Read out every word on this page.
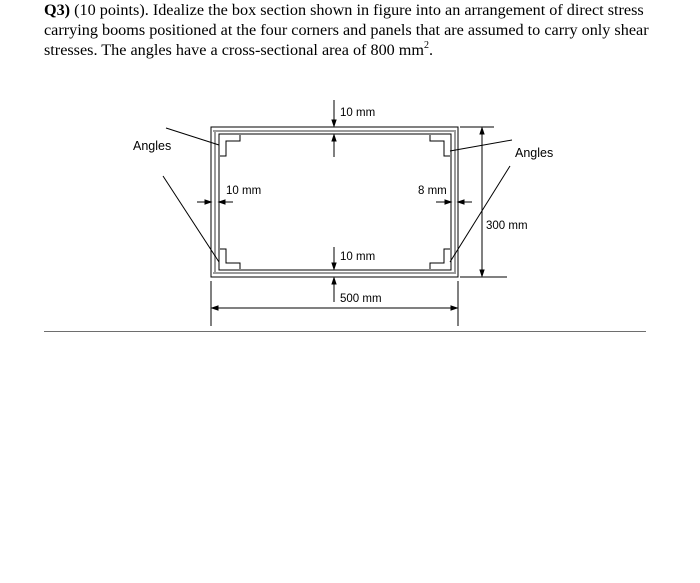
Q3) (10 points). Idealize the box section shown in figure into an arrangement of direct stress carrying booms positioned at the four corners and panels that are assumed to carry only shear stresses. The angles have a cross-sectional area of 800 $mm^2$.
Angles	Angles
10 mm
10 mm	8 mm
10 mm
300 mm
500 mm
